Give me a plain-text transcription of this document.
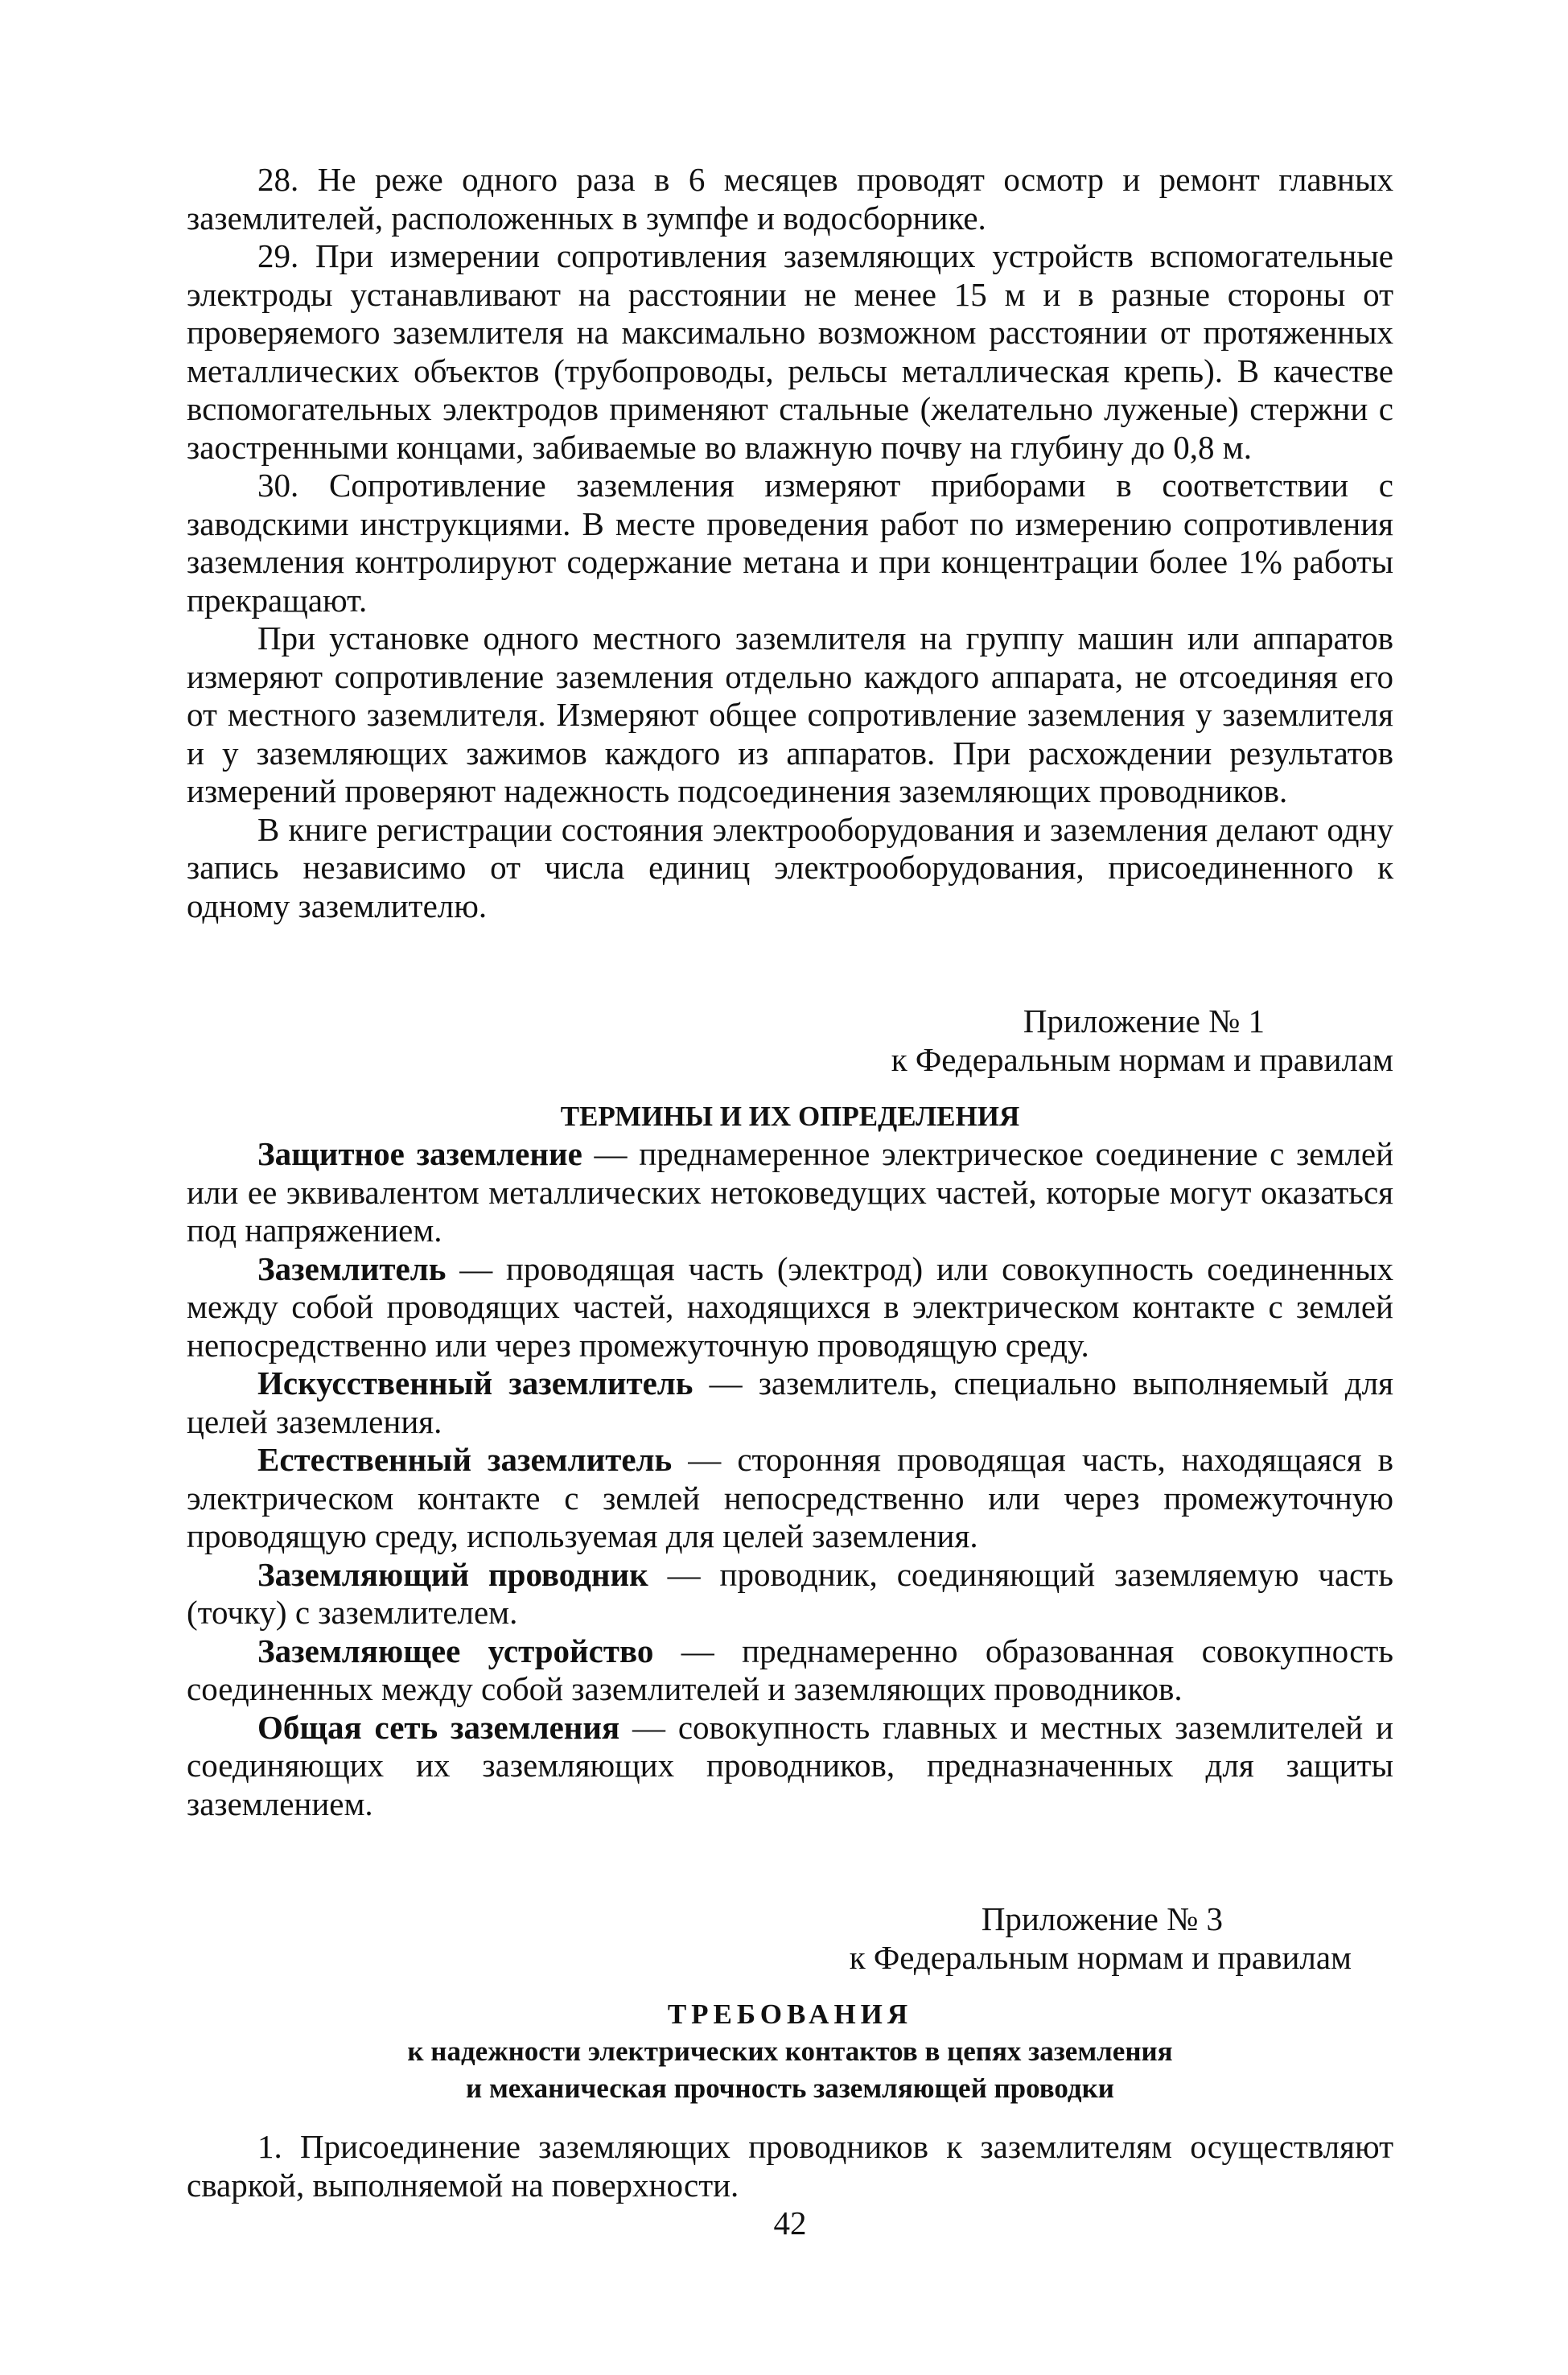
28. Не реже одного раза в 6 месяцев проводят осмотр и ремонт главных заземлителей, расположенных в зумпфе и водосборнике.

29. При измерении сопротивления заземляющих устройств вспомогательные электроды устанавливают на расстоянии не менее 15 м и в разные стороны от проверяемого заземлителя на максимально возможном расстоянии от протяженных металлических объектов (трубопроводы, рельсы металлическая крепь). В качестве вспомогательных электродов применяют стальные (желательно луженые) стержни с заостренными концами, забиваемые во влажную почву на глубину до 0,8 м.

30. Сопротивление заземления измеряют приборами в соответствии с заводскими инструкциями. В месте проведения работ по измерению сопротивления заземления контролируют содержание метана и при концентрации более 1% работы прекращают.

При установке одного местного заземлителя на группу машин или аппаратов измеряют сопротивление заземления отдельно каждого аппарата, не отсоединяя его от местного заземлителя. Измеряют общее сопротивление заземления у заземлителя и у заземляющих зажимов каждого из аппаратов. При расхождении результатов измерений проверяют надежность подсоединения заземляющих проводников.

В книге регистрации состояния электрооборудования и заземления делают одну запись независимо от числа единиц электрооборудования, присоединенного к одному заземлителю.

Приложение № 1
к Федеральным нормам и правилам

ТЕРМИНЫ И ИХ ОПРЕДЕЛЕНИЯ

Защитное заземление — преднамеренное электрическое соединение с землей или ее эквивалентом металлических нетоковедущих частей, которые могут оказаться под напряжением.

Заземлитель — проводящая часть (электрод) или совокупность соединенных между собой проводящих частей, находящихся в электрическом контакте с землей непосредственно или через промежуточную проводящую среду.

Искусственный заземлитель — заземлитель, специально выполняемый для целей заземления.

Естественный заземлитель — сторонняя проводящая часть, находящаяся в электрическом контакте с землей непосредственно или через промежуточную проводящую среду, используемая для целей заземления.

Заземляющий проводник — проводник, соединяющий заземляемую часть (точку) с заземлителем.

Заземляющее устройство — преднамеренно образованная совокупность соединенных между собой заземлителей и заземляющих проводников.

Общая сеть заземления — совокупность главных и местных заземлителей и соединяющих их заземляющих проводников, предназначенных для защиты заземлением.

Приложение № 3
к Федеральным нормам и правилам

ТРЕБОВАНИЯ

к надежности электрических контактов в цепях заземления

и механическая прочность заземляющей проводки

1. Присоединение заземляющих проводников к заземлителям осуществляют сваркой, выполняемой на поверхности.

42
